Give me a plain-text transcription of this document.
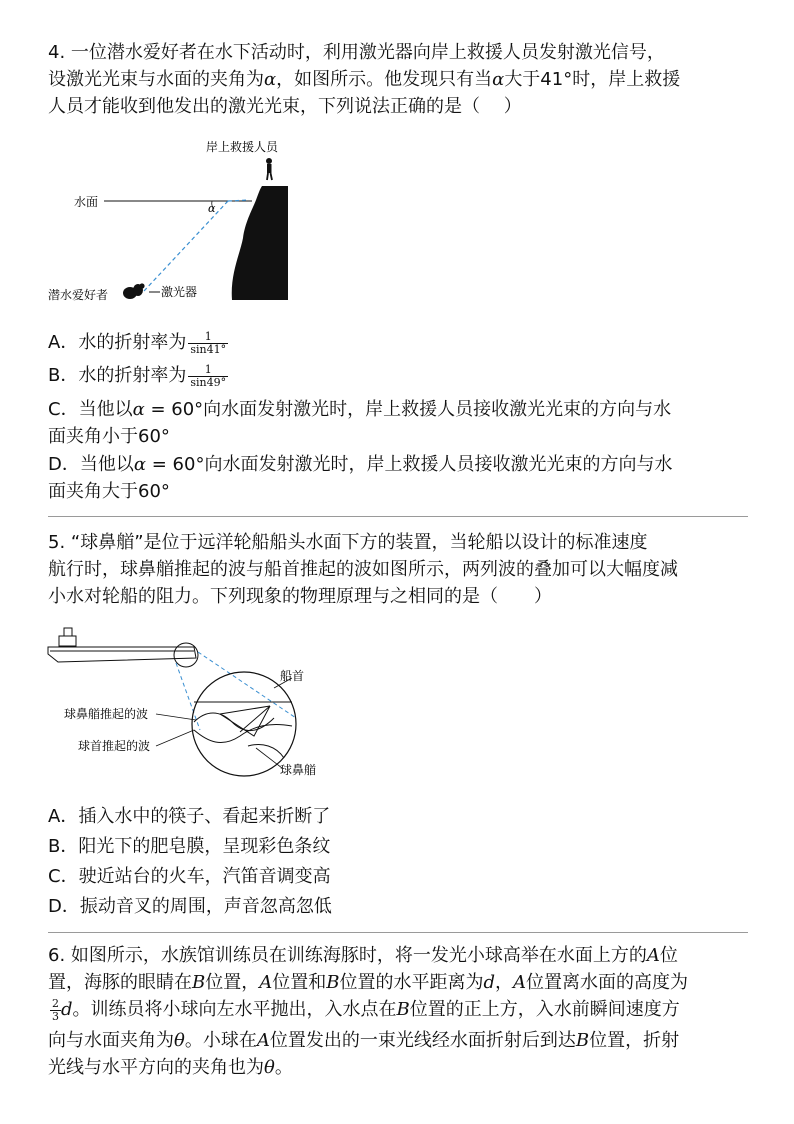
4. 一位潜水爱好者在水下活动时，利用激光器向岸上救援人员发射激光信号，
设激光光束与水面的夹角为α，如图所示。他发现只有当α大于41°时，岸上救援
人员才能收到他发出的激光光束，下列说法正确的是（　 ）
岸上救援人员
水面	α
潜水爱好者	激光器
A．水的折射率为 $\frac{1}{\sin 41^\circ}$
B．水的折射率为 $\frac{1}{\sin 49^\circ}$
C．当他以α = 60°向水面发射激光时，岸上救援人员接收激光光束的方向与水
面夹角小于60°
D．当他以α = 60°向水面发射激光时，岸上救援人员接收激光光束的方向与水
面夹角大于60°
5. “球鼻艏”是位于远洋轮船船头水面下方的装置，当轮船以设计的标准速度
航行时，球鼻艏推起的波与船首推起的波如图所示，两列波的叠加可以大幅度减
小水对轮船的阻力。下列现象的物理原理与之相同的是（　　）
船首
球鼻艏推起的波
球首推起的波
球鼻艏
A．插入水中的筷子、看起来折断了
B．阳光下的肥皂膜，呈现彩色条纹
C．驶近站台的火车，汽笛音调变高
D．振动音叉的周围，声音忽高忽低
6. 如图所示，水族馆训练员在训练海豚时，将一发光小球高举在水面上方的A位
置，海豚的眼睛在B位置，A位置和B位置的水平距离为d，A位置离水面的高度为
$\frac{2}{3}$ d。训练员将小球向左水平抛出，入水点在B位置的正上方，入水前瞬间速度方
向与水面夹角为θ。小球在A位置发出的一束光线经水面折射后到达B位置，折射
光线与水平方向的夹角也为θ。
